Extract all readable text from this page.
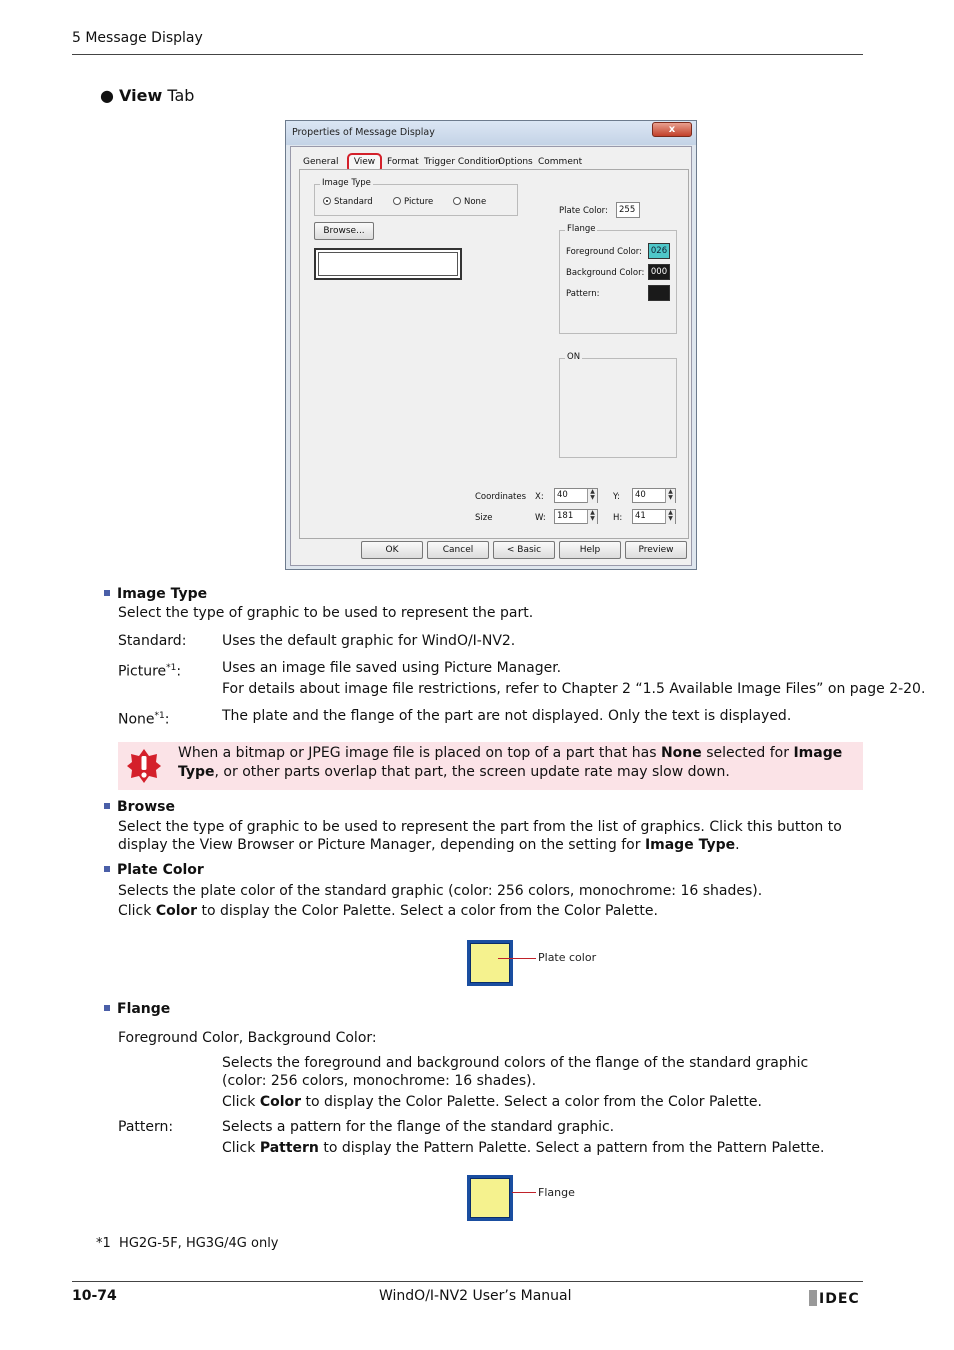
5 Message Display
● View Tab
Properties of Message Display	x
General	View	Format Trigger Condition
Options Comment
Image Type
Standard	Picture	None
Browse...
Plate Color:	255
Flange
Foreground Color:	026
Background Color: 000
Pattern:
ON
Coordinates
Size
X:	40	▲
▼ Y:	40	▲
▼
W:	181	▲
▼ H:	41	▲
▼
OK	Cancel	< Basic	Help	Preview
Image Type
Select the type of graphic to be used to represent the part.
Standard:	Uses the default graphic for WindO/I-NV2.
Picture$^{*1}$:	Uses an image file saved using Picture Manager.
For details about image file restrictions, refer to Chapter 2 “1.5 Available Image Files” on page 2-20.
None$^{*1}$:	The plate and the flange of the part are not displayed. Only the text is displayed.
When a bitmap or JPEG image file is placed on top of a part that has None selected for Image Type, or other parts overlap that part, the screen update rate may slow down.
Browse
Select the type of graphic to be used to represent the part from the list of graphics. Click this button to display the View Browser or Picture Manager, depending on the setting for Image Type.
Plate Color
Selects the plate color of the standard graphic (color: 256 colors, monochrome: 16 shades).
Click Color to display the Color Palette. Select a color from the Color Palette.
Plate color
Flange
Foreground Color, Background Color:
Selects the foreground and background colors of the flange of the standard graphic (color: 256 colors, monochrome: 16 shades).
Click Color to display the Color Palette. Select a color from the Color Palette.
Pattern:	Selects a pattern for the flange of the standard graphic.
Click Pattern to display the Pattern Palette. Select a pattern from the Pattern Palette.
Flange
*1 HG2G-5F, HG3G/4G only
10-74	WindO/I-NV2 User’s Manual	IDEC
